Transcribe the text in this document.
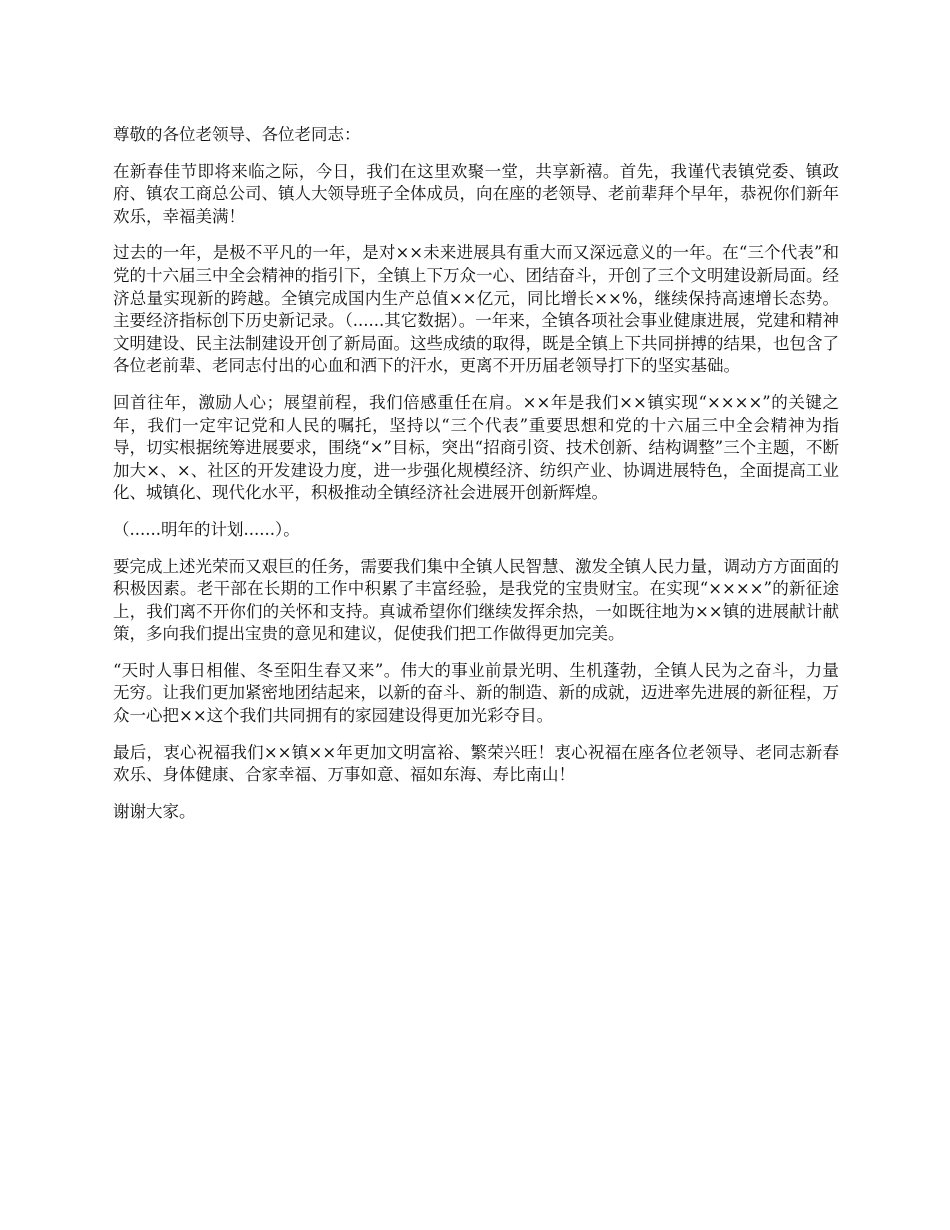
尊敬的各位老领导、各位老同志：

在新春佳节即将来临之际，今日，我们在这里欢聚一堂，共享新禧。首先，我谨代表镇党委、镇政府、镇农工商总公司、镇人大领导班子全体成员，向在座的老领导、老前辈拜个早年，恭祝你们新年欢乐，幸福美满！

过去的一年，是极不平凡的一年，是对××未来进展具有重大而又深远意义的一年。在“三个代表”和党的十六届三中全会精神的指引下，全镇上下万众一心、团结奋斗，开创了三个文明建设新局面。经济总量实现新的跨越。全镇完成国内生产总值××亿元，同比增长××%，继续保持高速增长态势。主要经济指标创下历史新记录。（......其它数据）。一年来，全镇各项社会事业健康进展，党建和精神文明建设、民主法制建设开创了新局面。这些成绩的取得，既是全镇上下共同拼搏的结果，也包含了各位老前辈、老同志付出的心血和洒下的汗水，更离不开历届老领导打下的坚实基础。

回首往年，激励人心；展望前程，我们倍感重任在肩。××年是我们××镇实现“××××”的关键之年，我们一定牢记党和人民的嘱托，坚持以“三个代表”重要思想和党的十六届三中全会精神为指导，切实根据统筹进展要求，围绕“×”目标，突出“招商引资、技术创新、结构调整”三个主题，不断加大×、×、社区的开发建设力度，进一步强化规模经济、纺织产业、协调进展特色，全面提高工业化、城镇化、现代化水平，积极推动全镇经济社会进展开创新辉煌。

（......明年的计划......）。

要完成上述光荣而又艰巨的任务，需要我们集中全镇人民智慧、激发全镇人民力量，调动方方面面的积极因素。老干部在长期的工作中积累了丰富经验，是我党的宝贵财宝。在实现“××××”的新征途上，我们离不开你们的关怀和支持。真诚希望你们继续发挥余热，一如既往地为××镇的进展献计献策，多向我们提出宝贵的意见和建议，促使我们把工作做得更加完美。

“天时人事日相催、冬至阳生春又来”。伟大的事业前景光明、生机蓬勃，全镇人民为之奋斗，力量无穷。让我们更加紧密地团结起来，以新的奋斗、新的制造、新的成就，迈进率先进展的新征程，万众一心把××这个我们共同拥有的家园建设得更加光彩夺目。

最后，衷心祝福我们××镇××年更加文明富裕、繁荣兴旺！衷心祝福在座各位老领导、老同志新春欢乐、身体健康、合家幸福、万事如意、福如东海、寿比南山！

谢谢大家。
